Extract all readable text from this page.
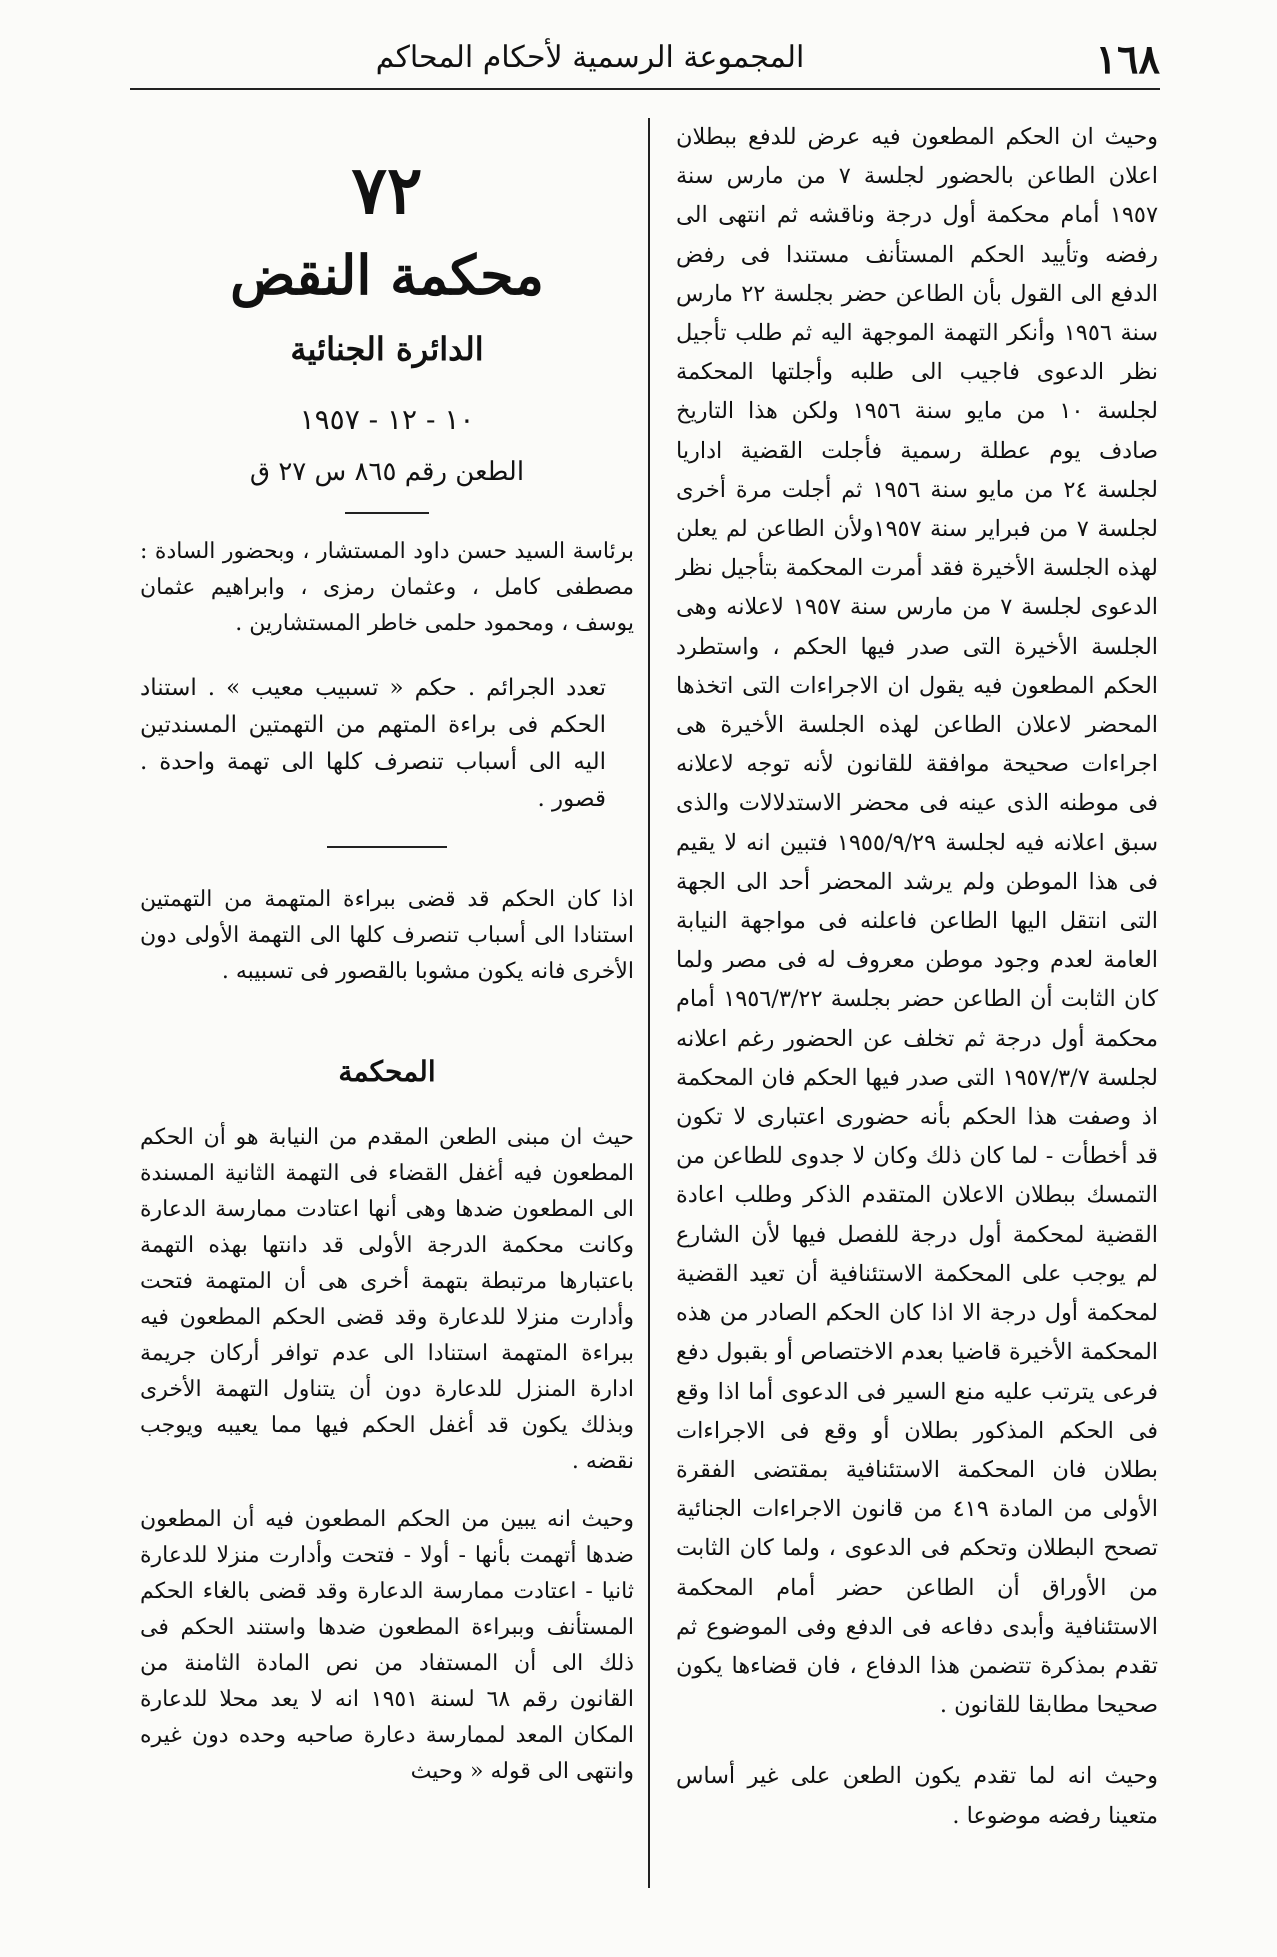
١٦٨
المجموعة الرسمية لأحكام المحاكم

وحيث ان الحكم المطعون فيه عرض للدفع ببطلان اعلان الطاعن بالحضور لجلسة ٧ من مارس سنة ١٩٥٧ أمام محكمة أول درجة وناقشه ثم انتهى الى رفضه وتأييد الحكم المستأنف مستندا فى رفض الدفع الى القول بأن الطاعن حضر بجلسة ٢٢ مارس سنة ١٩٥٦ وأنكر التهمة الموجهة اليه ثم طلب تأجيل نظر الدعوى فاجيب الى طلبه وأجلتها المحكمة لجلسة ١٠ من مايو سنة ١٩٥٦ ولكن هذا التاريخ صادف يوم عطلة رسمية فأجلت القضية اداريا لجلسة ٢٤ من مايو سنة ١٩٥٦ ثم أجلت مرة أخرى لجلسة ٧ من فبراير سنة ١٩٥٧ولأن الطاعن لم يعلن لهذه الجلسة الأخيرة فقد أمرت المحكمة بتأجيل نظر الدعوى لجلسة ٧ من مارس سنة ١٩٥٧ لاعلانه وهى الجلسة الأخيرة التى صدر فيها الحكم ، واستطرد الحكم المطعون فيه يقول ان الاجراءات التى اتخذها المحضر لاعلان الطاعن لهذه الجلسة الأخيرة هى اجراءات صحيحة موافقة للقانون لأنه توجه لاعلانه فى موطنه الذى عينه فى محضر الاستدلالات والذى سبق اعلانه فيه لجلسة ١٩٥٥/٩/٢٩ فتبين انه لا يقيم فى هذا الموطن ولم يرشد المحضر أحد الى الجهة التى انتقل اليها الطاعن فاعلنه فى مواجهة النيابة العامة لعدم وجود موطن معروف له فى مصر ولما كان الثابت أن الطاعن حضر بجلسة ١٩٥٦/٣/٢٢ أمام محكمة أول درجة ثم تخلف عن الحضور رغم اعلانه لجلسة ١٩٥٧/٣/٧ التى صدر فيها الحكم فان المحكمة اذ وصفت هذا الحكم بأنه حضورى اعتبارى لا تكون قد أخطأت - لما كان ذلك وكان لا جدوى للطاعن من التمسك ببطلان الاعلان المتقدم الذكر وطلب اعادة القضية لمحكمة أول درجة للفصل فيها لأن الشارع لم يوجب على المحكمة الاستئنافية أن تعيد القضية لمحكمة أول درجة الا اذا كان الحكم الصادر من هذه المحكمة الأخيرة قاضيا بعدم الاختصاص أو بقبول دفع فرعى يترتب عليه منع السير فى الدعوى أما اذا وقع فى الحكم المذكور بطلان أو وقع فى الاجراءات بطلان فان المحكمة الاستئنافية بمقتضى الفقرة الأولى من المادة ٤١٩ من قانون الاجراءات الجنائية تصحح البطلان وتحكم فى الدعوى ، ولما كان الثابت من الأوراق أن الطاعن حضر أمام المحكمة الاستئنافية وأبدى دفاعه فى الدفع وفى الموضوع ثم تقدم بمذكرة تتضمن هذا الدفاع ، فان قضاءها يكون صحيحا مطابقا للقانون .

وحيث انه لما تقدم يكون الطعن على غير أساس متعينا رفضه موضوعا .

٧٢
محكمة النقض
الدائرة الجنائية
١٠ - ١٢ - ١٩٥٧
الطعن رقم ٨٦٥ س ٢٧ ق

برئاسة السيد حسن داود المستشار ، وبحضور السادة : مصطفى كامل ، وعثمان رمزى ، وابراهيم عثمان يوسف ، ومحمود حلمى خاطر المستشارين .

تعدد الجرائم . حكم « تسبيب معيب » . استناد الحكم فى براءة المتهم من التهمتين المسندتين اليه الى أسباب تنصرف كلها الى تهمة واحدة . قصور .

اذا كان الحكم قد قضى ببراءة المتهمة من التهمتين استنادا الى أسباب تنصرف كلها الى التهمة الأولى دون الأخرى فانه يكون مشوبا بالقصور فى تسبيبه .

المحكمة

حيث ان مبنى الطعن المقدم من النيابة هو أن الحكم المطعون فيه أغفل القضاء فى التهمة الثانية المسندة الى المطعون ضدها وهى أنها اعتادت ممارسة الدعارة وكانت محكمة الدرجة الأولى قد دانتها بهذه التهمة باعتبارها مرتبطة بتهمة أخرى هى أن المتهمة فتحت وأدارت منزلا للدعارة وقد قضى الحكم المطعون فيه ببراءة المتهمة استنادا الى عدم توافر أركان جريمة ادارة المنزل للدعارة دون أن يتناول التهمة الأخرى وبذلك يكون قد أغفل الحكم فيها مما يعيبه ويوجب نقضه .

وحيث انه يبين من الحكم المطعون فيه أن المطعون ضدها أتهمت بأنها - أولا - فتحت وأدارت منزلا للدعارة ثانيا - اعتادت ممارسة الدعارة وقد قضى بالغاء الحكم المستأنف وببراءة المطعون ضدها واستند الحكم فى ذلك الى أن المستفاد من نص المادة الثامنة من القانون رقم ٦٨ لسنة ١٩٥١ انه لا يعد محلا للدعارة المكان المعد لممارسة دعارة صاحبه وحده دون غيره وانتهى الى قوله « وحيث
